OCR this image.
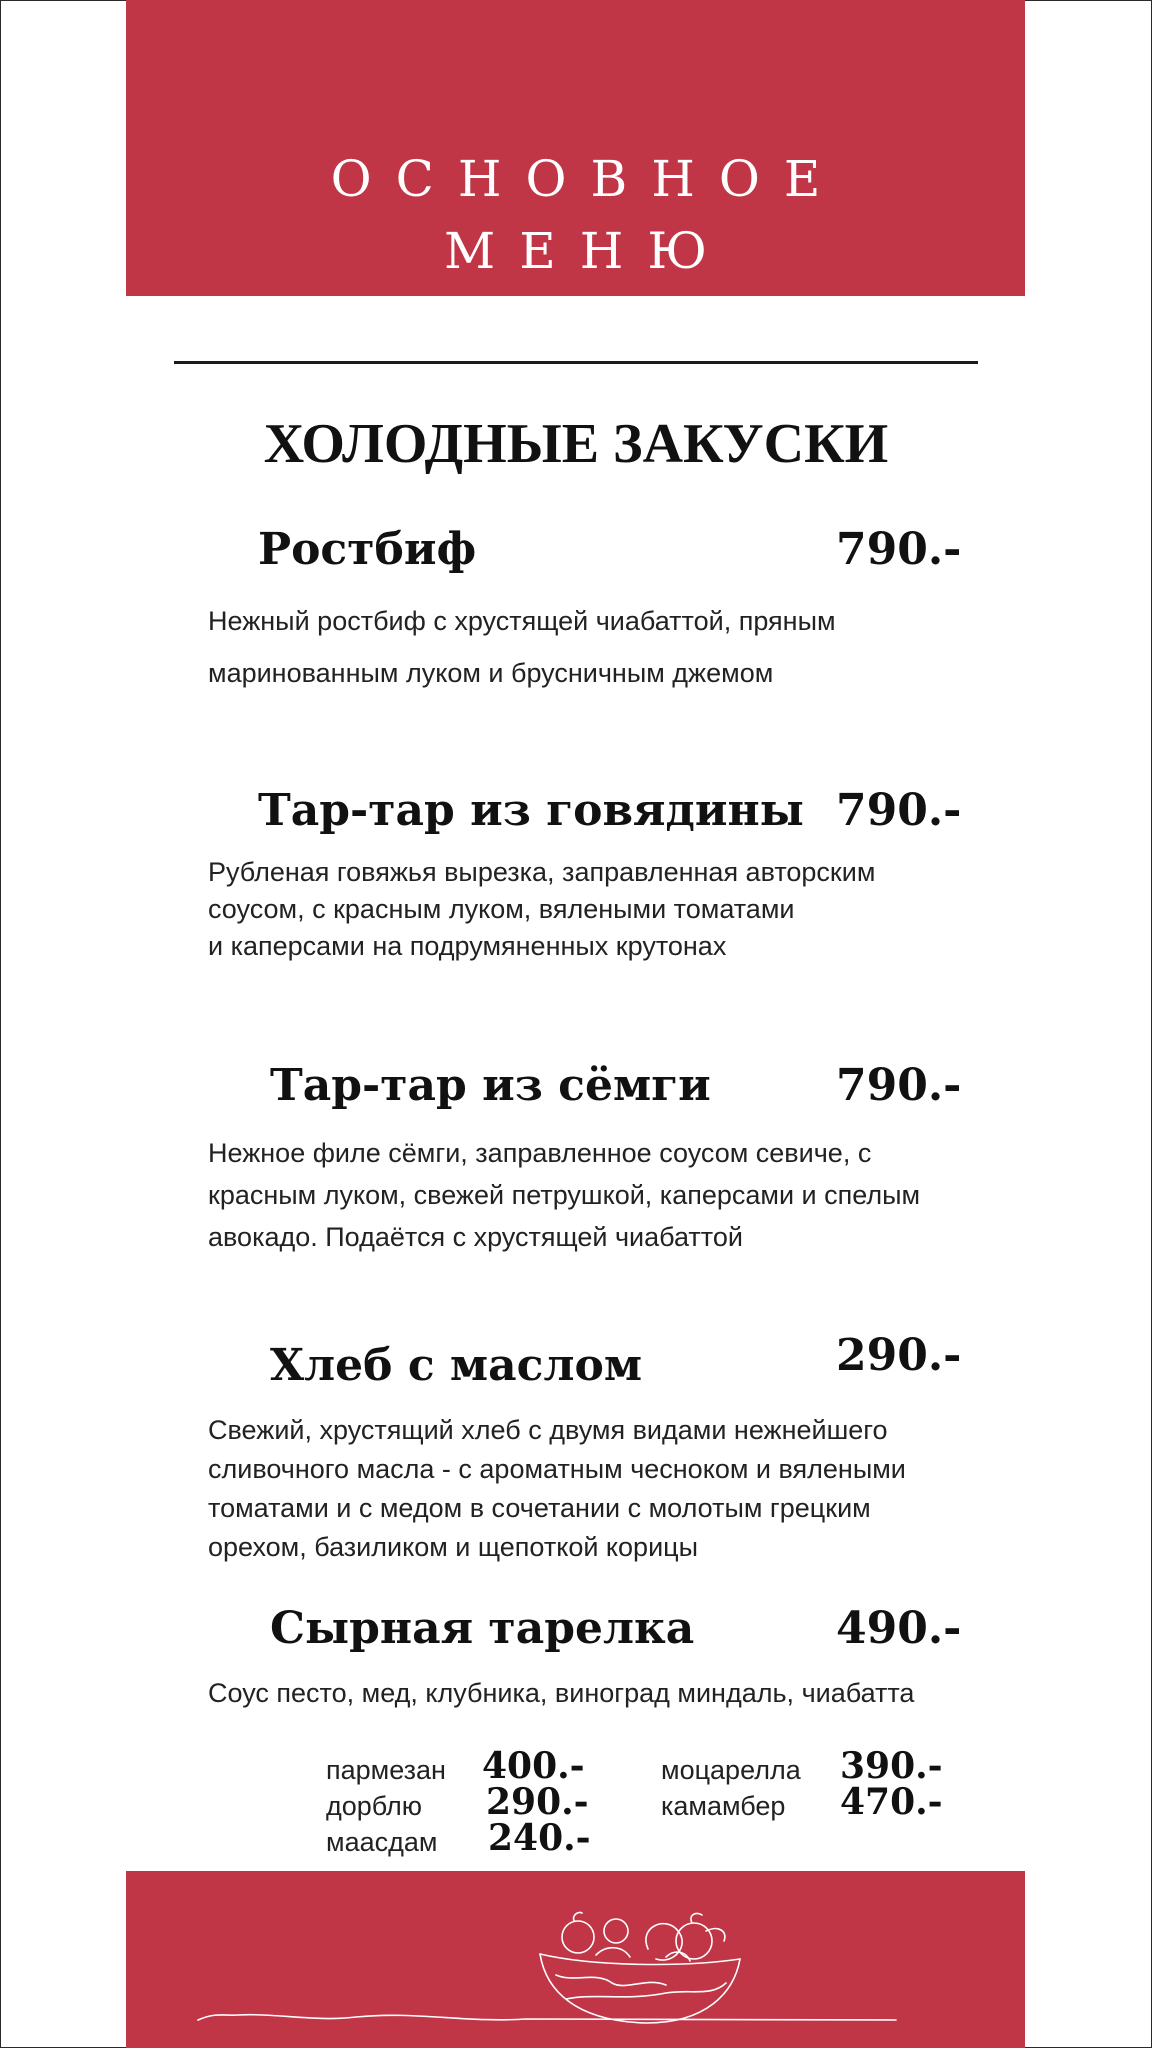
ОСНОВНОЕ
МЕНЮ
ХОЛОДНЫЕ ЗАКУСКИ
Ростбиф	790.-
Нежный ростбиф с хрустящей чиабаттой, пряным
маринованным луком и брусничным джемом
Тар-тар из говядины 790.-
Рубленая говяжья вырезка, заправленная авторским
соусом, с красным луком, вялеными томатами
и каперсами на подрумяненных крутонах
Тар-тар из сёмги	790.-
Нежное филе сёмги, заправленное соусом севиче, с
красным луком, свежей петрушкой, каперсами и спелым
авокадо. Подаётся с хрустящей чиабаттой
Хлеб с маслом	290.-
Свежий, хрустящий хлеб с двумя видами нежнейшего
сливочного масла - с ароматным чесноком и вялеными
томатами и с медом в сочетании с молотым грецким
орехом, базиликом и щепоткой корицы
Сырная тарелка	490.-
Соус песто, мед, клубника, виноград миндаль, чиабатта
пармезан 400.-
дорблю 290.-
маасдам 240.-
моцарелла 390.-
камамбер 470.-
